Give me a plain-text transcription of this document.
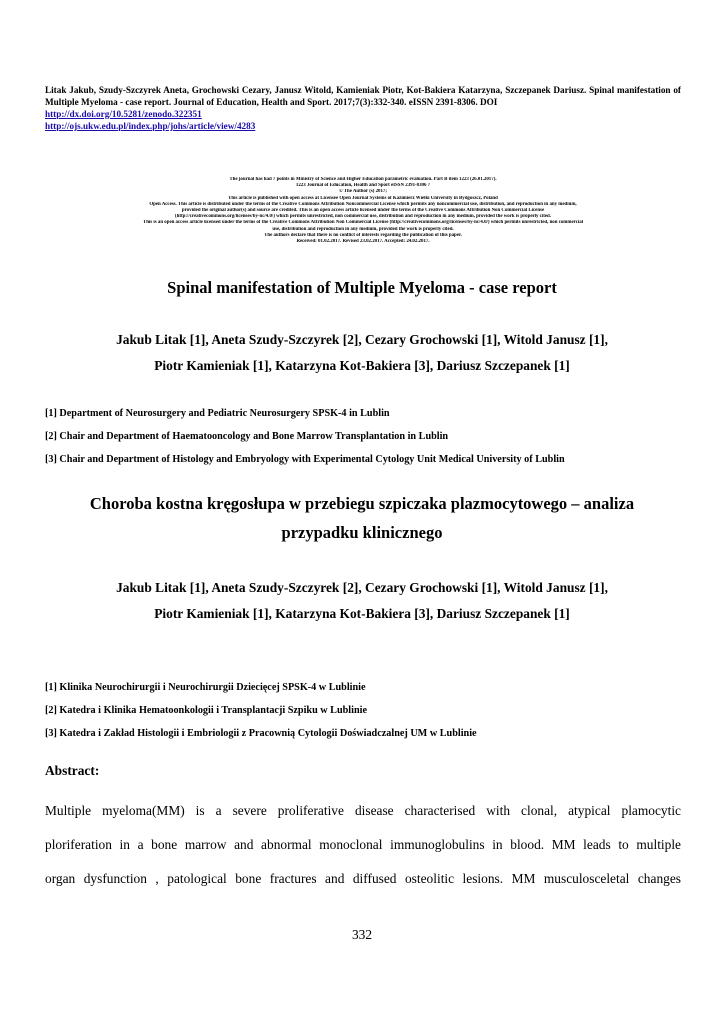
Litak Jakub, Szudy-Szczyrek Aneta, Grochowski Cezary, Janusz Witold, Kamieniak Piotr, Kot-Bakiera Katarzyna, Szczepanek Dariusz. Spinal manifestation of Multiple Myeloma - case report. Journal of Education, Health and Sport. 2017;7(3):332-340. eISSN 2391-8306. DOI
http://dx.doi.org/10.5281/zenodo.322351
http://ojs.ukw.edu.pl/index.php/johs/article/view/4283
The journal has had 7 points in Ministry of Science and Higher Education parametric evaluation. Part B item 1223 (26.01.2017).
1223 Journal of Education, Health and Sport eISSN 2391-8306 7
© The Author (s) 2017;
This article is published with open access at Licensee Open Journal Systems of Kazimierz Wielki University in Bydgoszcz, Poland
Open Access. This article is distributed under the terms of the Creative Commons Attribution Noncommercial License which permits any noncommercial use, distribution, and reproduction in any medium,
provided the original author(s) and source are credited. This is an open access article licensed under the terms of the Creative Commons Attribution Non Commercial License
(http://creativecommons.org/licenses/by-nc/4.0/) which permits unrestricted, non commercial use, distribution and reproduction in any medium, provided the work is properly cited.
This is an open access article licensed under the terms of the Creative Commons Attribution Non Commercial License (http://creativecommons.org/licenses/by-nc/4.0/) which permits unrestricted, non commercial
use, distribution and reproduction in any medium, provided the work is properly cited.
The authors declare that there is no conflict of interests regarding the publication of this paper.
Received: 01.02.2017. Revised 23.02.2017. Accepted: 24.02.2017.
Spinal manifestation of Multiple Myeloma - case report
Jakub Litak [1], Aneta Szudy-Szczyrek [2], Cezary Grochowski [1], Witold Janusz [1],
Piotr Kamieniak [1], Katarzyna Kot-Bakiera [3], Dariusz Szczepanek [1]
[1] Department of Neurosurgery and Pediatric Neurosurgery SPSK-4 in Lublin
[2] Chair and Department of Haematooncology and Bone Marrow Transplantation in Lublin
[3] Chair and Department of Histology and Embryology with Experimental Cytology Unit Medical University of Lublin
Choroba kostna kręgosłupa w przebiegu szpiczaka plazmocytowego – analiza
przypadku klinicznego
Jakub Litak [1], Aneta Szudy-Szczyrek [2], Cezary Grochowski [1], Witold Janusz [1],
Piotr Kamieniak [1], Katarzyna Kot-Bakiera [3], Dariusz Szczepanek [1]
[1] Klinika Neurochirurgii i Neurochirurgii Dziecięcej SPSK-4 w Lublinie
[2] Katedra i Klinika Hematoonkologii i Transplantacji Szpiku w Lublinie
[3] Katedra i Zakład Histologii i Embriologii z Pracownią Cytologii Doświadczalnej UM w Lublinie
Abstract:
Multiple myeloma(MM) is a severe proliferative disease characterised with clonal, atypical plamocytic
ploriferation in a bone marrow and abnormal monoclonal immunoglobulins in blood. MM leads to multiple
organ dysfunction , patological bone fractures and diffused osteolitic lesions. MM musculosceletal changes
332
